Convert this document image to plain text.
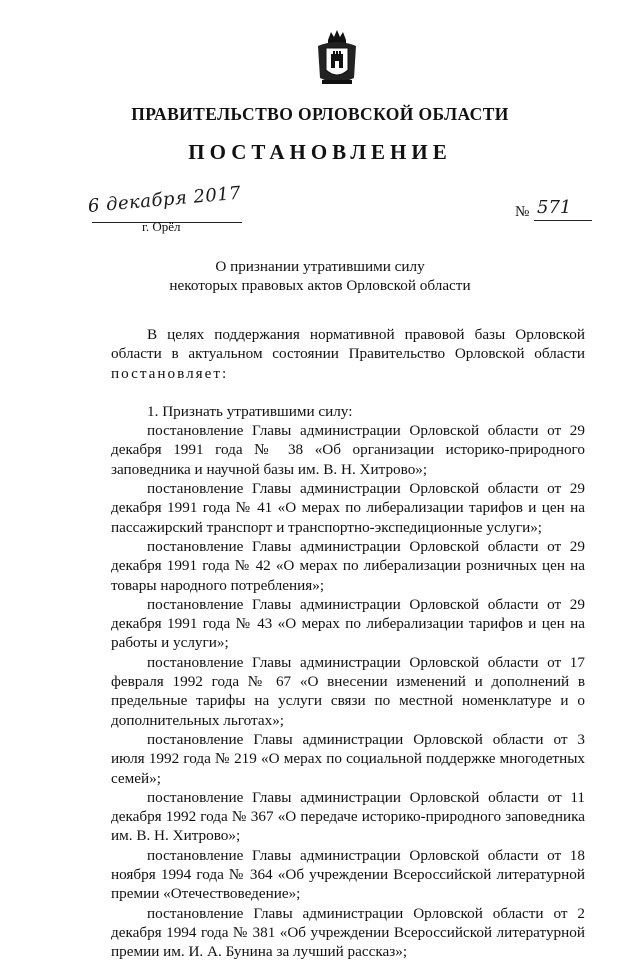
ПРАВИТЕЛЬСТВО ОРЛОВСКОЙ ОБЛАСТИ
ПОСТАНОВЛЕНИЕ
6 декабря 2017
г. Орёл
№ 571
О признании утратившими силу
некоторых правовых актов Орловской области

В целях поддержания нормативной правовой базы Орловской области в актуальном состоянии Правительство Орловской области постановляет:

1. Признать утратившими силу:

постановление Главы администрации Орловской области от 29 декабря 1991 года № 38 «Об организации историко-природного заповедника и научной базы им. В. Н. Хитрово»;

постановление Главы администрации Орловской области от 29 декабря 1991 года № 41 «О мерах по либерализации тарифов и цен на пассажирский транспорт и транспортно-экспедиционные услуги»;

постановление Главы администрации Орловской области от 29 декабря 1991 года № 42 «О мерах по либерализации розничных цен на товары народного потребления»;

постановление Главы администрации Орловской области от 29 декабря 1991 года № 43 «О мерах по либерализации тарифов и цен на работы и услуги»;

постановление Главы администрации Орловской области от 17 февраля 1992 года № 67 «О внесении изменений и дополнений в предельные тарифы на услуги связи по местной номенклатуре и о дополнительных льготах»;

постановление Главы администрации Орловской области от 3 июля 1992 года № 219 «О мерах по социальной поддержке многодетных семей»;

постановление Главы администрации Орловской области от 11 декабря 1992 года № 367 «О передаче историко-природного заповедника им. В. Н. Хитрово»;

постановление Главы администрации Орловской области от 18 ноября 1994 года № 364 «Об учреждении Всероссийской литературной премии «Отечествоведение»;

постановление Главы администрации Орловской области от 2 декабря 1994 года № 381 «Об учреждении Всероссийской литературной премии им. И. А. Бунина за лучший рассказ»;
